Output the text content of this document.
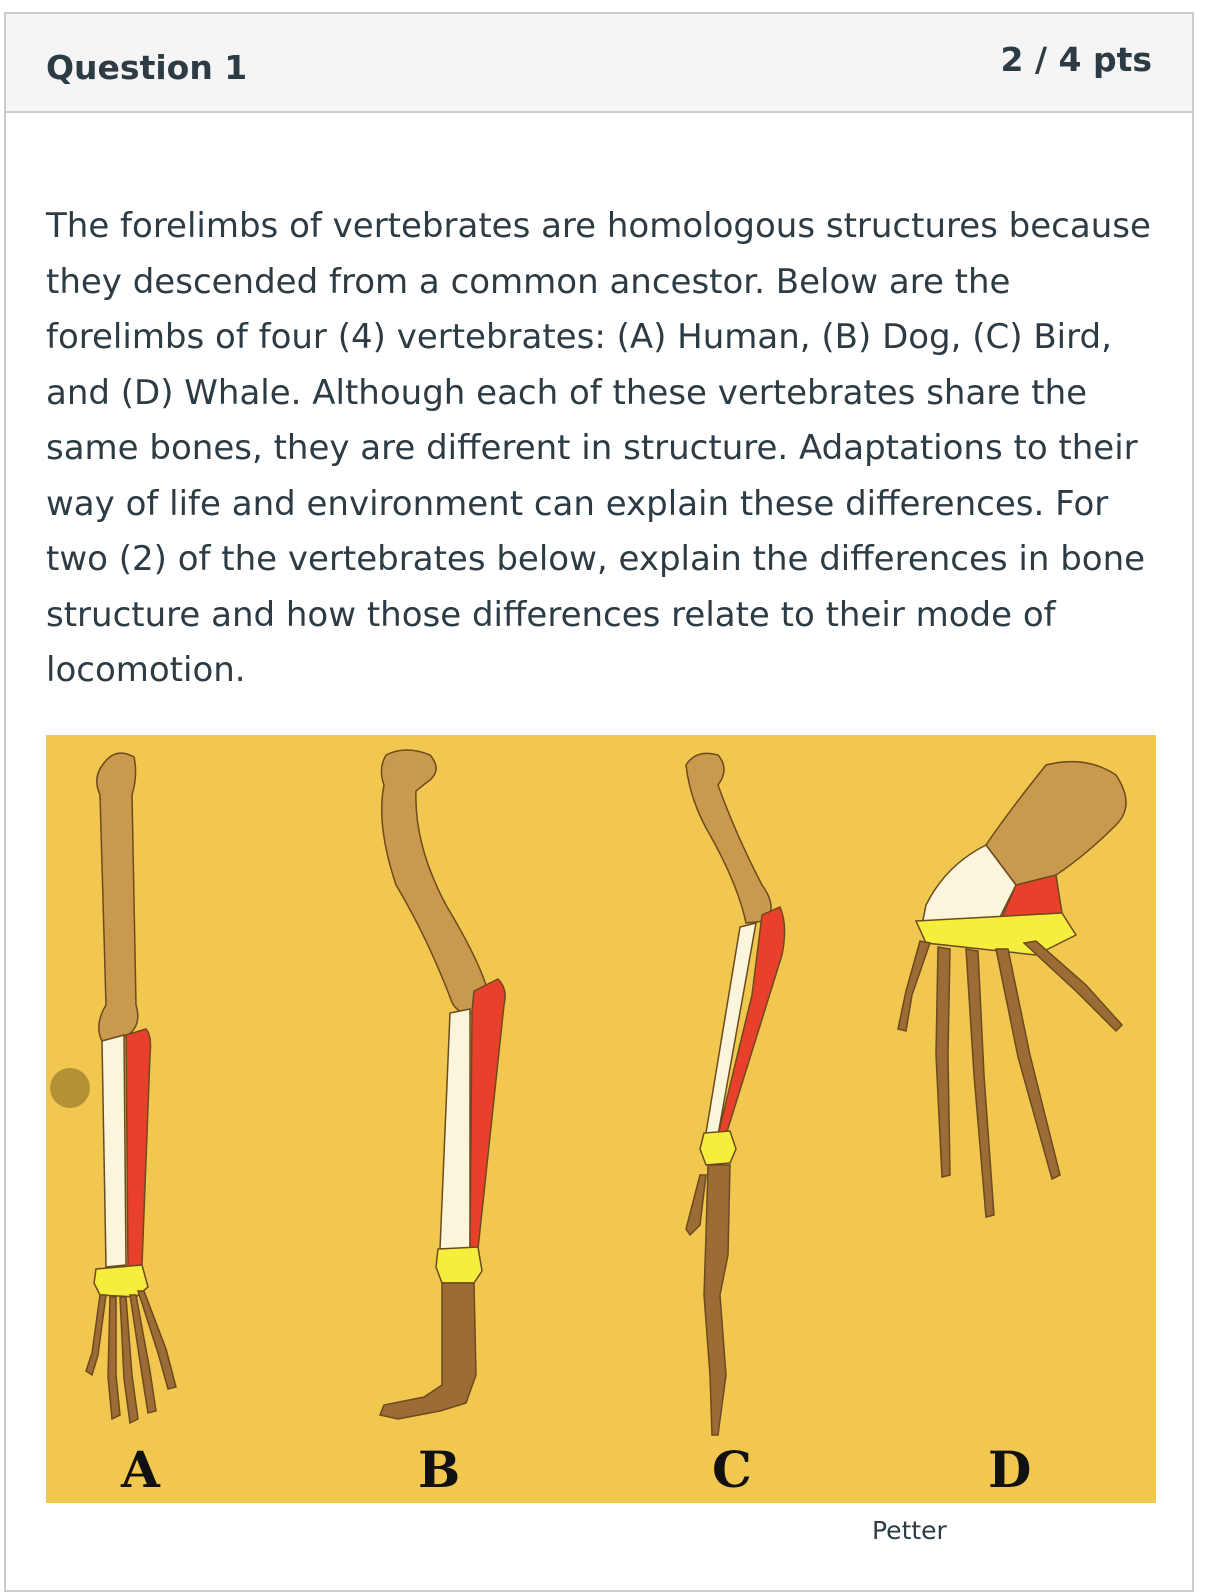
Question 1	2 / 4 pts
The forelimbs of vertebrates are homologous structures because they descended from a common ancestor. Below are the forelimbs of four (4) vertebrates: (A) Human, (B) Dog, (C) Bird, and (D) Whale. Although each of these vertebrates share the same bones, they are different in structure. Adaptations to their way of life and environment can explain these differences. For two (2) of the vertebrates below, explain the differences in bone structure and how those differences relate to their mode of locomotion.
A	B	C	D
Petter
